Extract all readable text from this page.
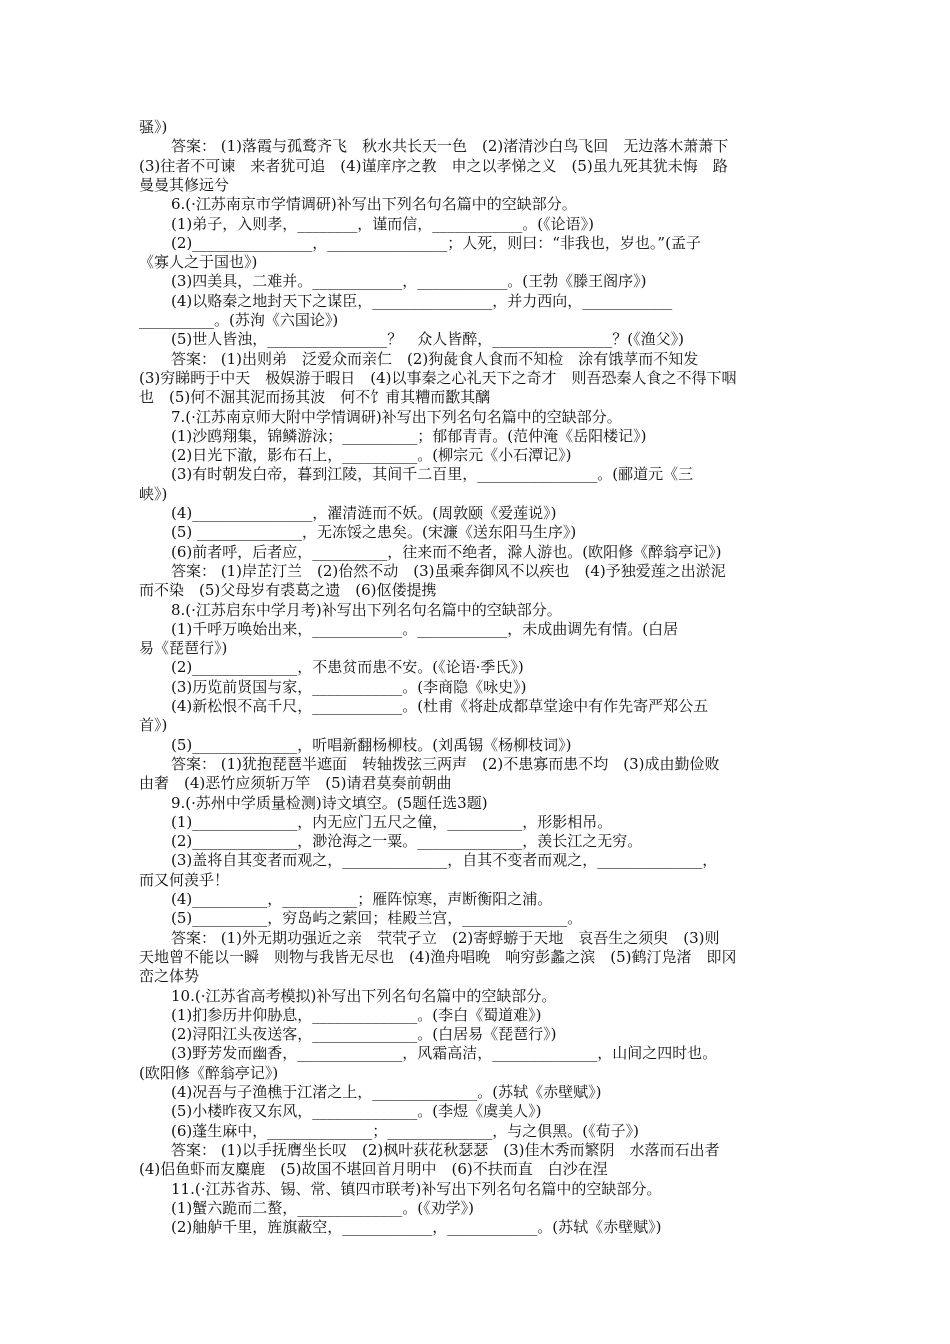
骚》)
答案： (1)落霞与孤鹜齐飞　秋水共长天一色　(2)渚清沙白鸟飞回　无边落木萧萧下
(3)往者不可谏　来者犹可追　(4)谨庠序之教　申之以孝悌之义　(5)虽九死其犹未悔　路
曼曼其修远兮
6.(·江苏南京市学情调研)补写出下列名句名篇中的空缺部分。
(1)弟子，入则孝，________，谨而信，____________。(《论语》)
(2)________________，________________；人死，则曰：“非我也，岁也。”(孟子
《寡人之于国也》)
(3)四美具，二难并。____________，____________。(王勃《滕王阁序》)
(4)以赂秦之地封天下之谋臣，________________，并力西向，____________
__________。(苏洵《六国论》)
(5)世人皆浊，________________？　众人皆醉，________________？(《渔父》)
答案： (1)出则弟　泛爱众而亲仁　(2)狗彘食人食而不知检　涂有饿莩而不知发
(3)穷睇眄于中天　极娱游于暇日　(4)以事秦之心礼天下之奇才　则吾恐秦人食之不得下咽
也　(5)何不淈其泥而扬其波　何不饣甫其糟而歠其醨
7.(·江苏南京师大附中学情调研)补写出下列名句名篇中的空缺部分。
(1)沙鸥翔集，锦鳞游泳；__________；郁郁青青。(范仲淹《岳阳楼记》)
(2)日光下澈，影布石上，__________。(柳宗元《小石潭记》)
(3)有时朝发白帝，暮到江陵，其间千二百里，________________。(郦道元《三
峡》)
(4)________________，濯清涟而不妖。(周敦颐《爱莲说》)
(5) ______________，无冻馁之患矣。(宋濂《送东阳马生序》)
(6)前者呼，后者应，__________，往来而不绝者，滁人游也。(欧阳修《醉翁亭记》)
答案： (1)岸芷汀兰　(2)佁然不动　(3)虽乘奔御风不以疾也　(4)予独爱莲之出淤泥
而不染　(5)父母岁有裘葛之遗　(6)伛偻提携
8.(·江苏启东中学月考)补写出下列名句名篇中的空缺部分。
(1)千呼万唤始出来，____________。____________，未成曲调先有情。(白居
易《琵琶行》)
(2)______________，不患贫而患不安。(《论语·季氏》)
(3)历览前贤国与家，____________。(李商隐《咏史》)
(4)新松恨不高千尺，____________。(杜甫《将赴成都草堂途中有作先寄严郑公五
首》)
(5)______________，听唱新翻杨柳枝。(刘禹锡《杨柳枝词》)
答案： (1)犹抱琵琶半遮面　转轴拨弦三两声　(2)不患寡而患不均　(3)成由勤俭败
由奢　(4)恶竹应须斩万竿　(5)请君莫奏前朝曲
9.(·苏州中学质量检测)诗文填空。(5题任选3题)
(1)______________，内无应门五尺之僮，__________，形影相吊。
(2)______________，渺沧海之一粟。______________，羡长江之无穷。
(3)盖将自其变者而观之，______________，自其不变者而观之，______________，
而又何羡乎！
(4)__________，__________；雁阵惊寒，声断衡阳之浦。
(5)__________，穷岛屿之萦回；桂殿兰宫，______________。
答案： (1)外无期功强近之亲　茕茕孑立　(2)寄蜉蝣于天地　哀吾生之须臾　(3)则
天地曾不能以一瞬　则物与我皆无尽也　(4)渔舟唱晚　响穷彭蠡之滨　(5)鹤汀凫渚　即冈
峦之体势
10.(·江苏省高考模拟)补写出下列名句名篇中的空缺部分。
(1)扪参历井仰胁息，______________。(李白《蜀道难》)
(2)浔阳江头夜送客，______________。(白居易《琵琶行》)
(3)野芳发而幽香，______________，风霜高洁，______________，山间之四时也。
(欧阳修《醉翁亭记》)
(4)况吾与子渔樵于江渚之上，______________。(苏轼《赤壁赋》)
(5)小楼昨夜又东风，______________。(李煜《虞美人》)
(6)蓬生麻中，______________；______________，与之俱黑。(《荀子》)
答案： (1)以手抚膺坐长叹　(2)枫叶荻花秋瑟瑟　(3)佳木秀而繁阴　水落而石出者
(4)侣鱼虾而友麋鹿　(5)故国不堪回首月明中　(6)不扶而直　白沙在涅
11.(·江苏省苏、锡、常、镇四市联考)补写出下列名句名篇中的空缺部分。
(1)蟹六跪而二螯，______________。(《劝学》)
(2)舳舻千里，旌旗蔽空，____________，____________。(苏轼《赤壁赋》)
